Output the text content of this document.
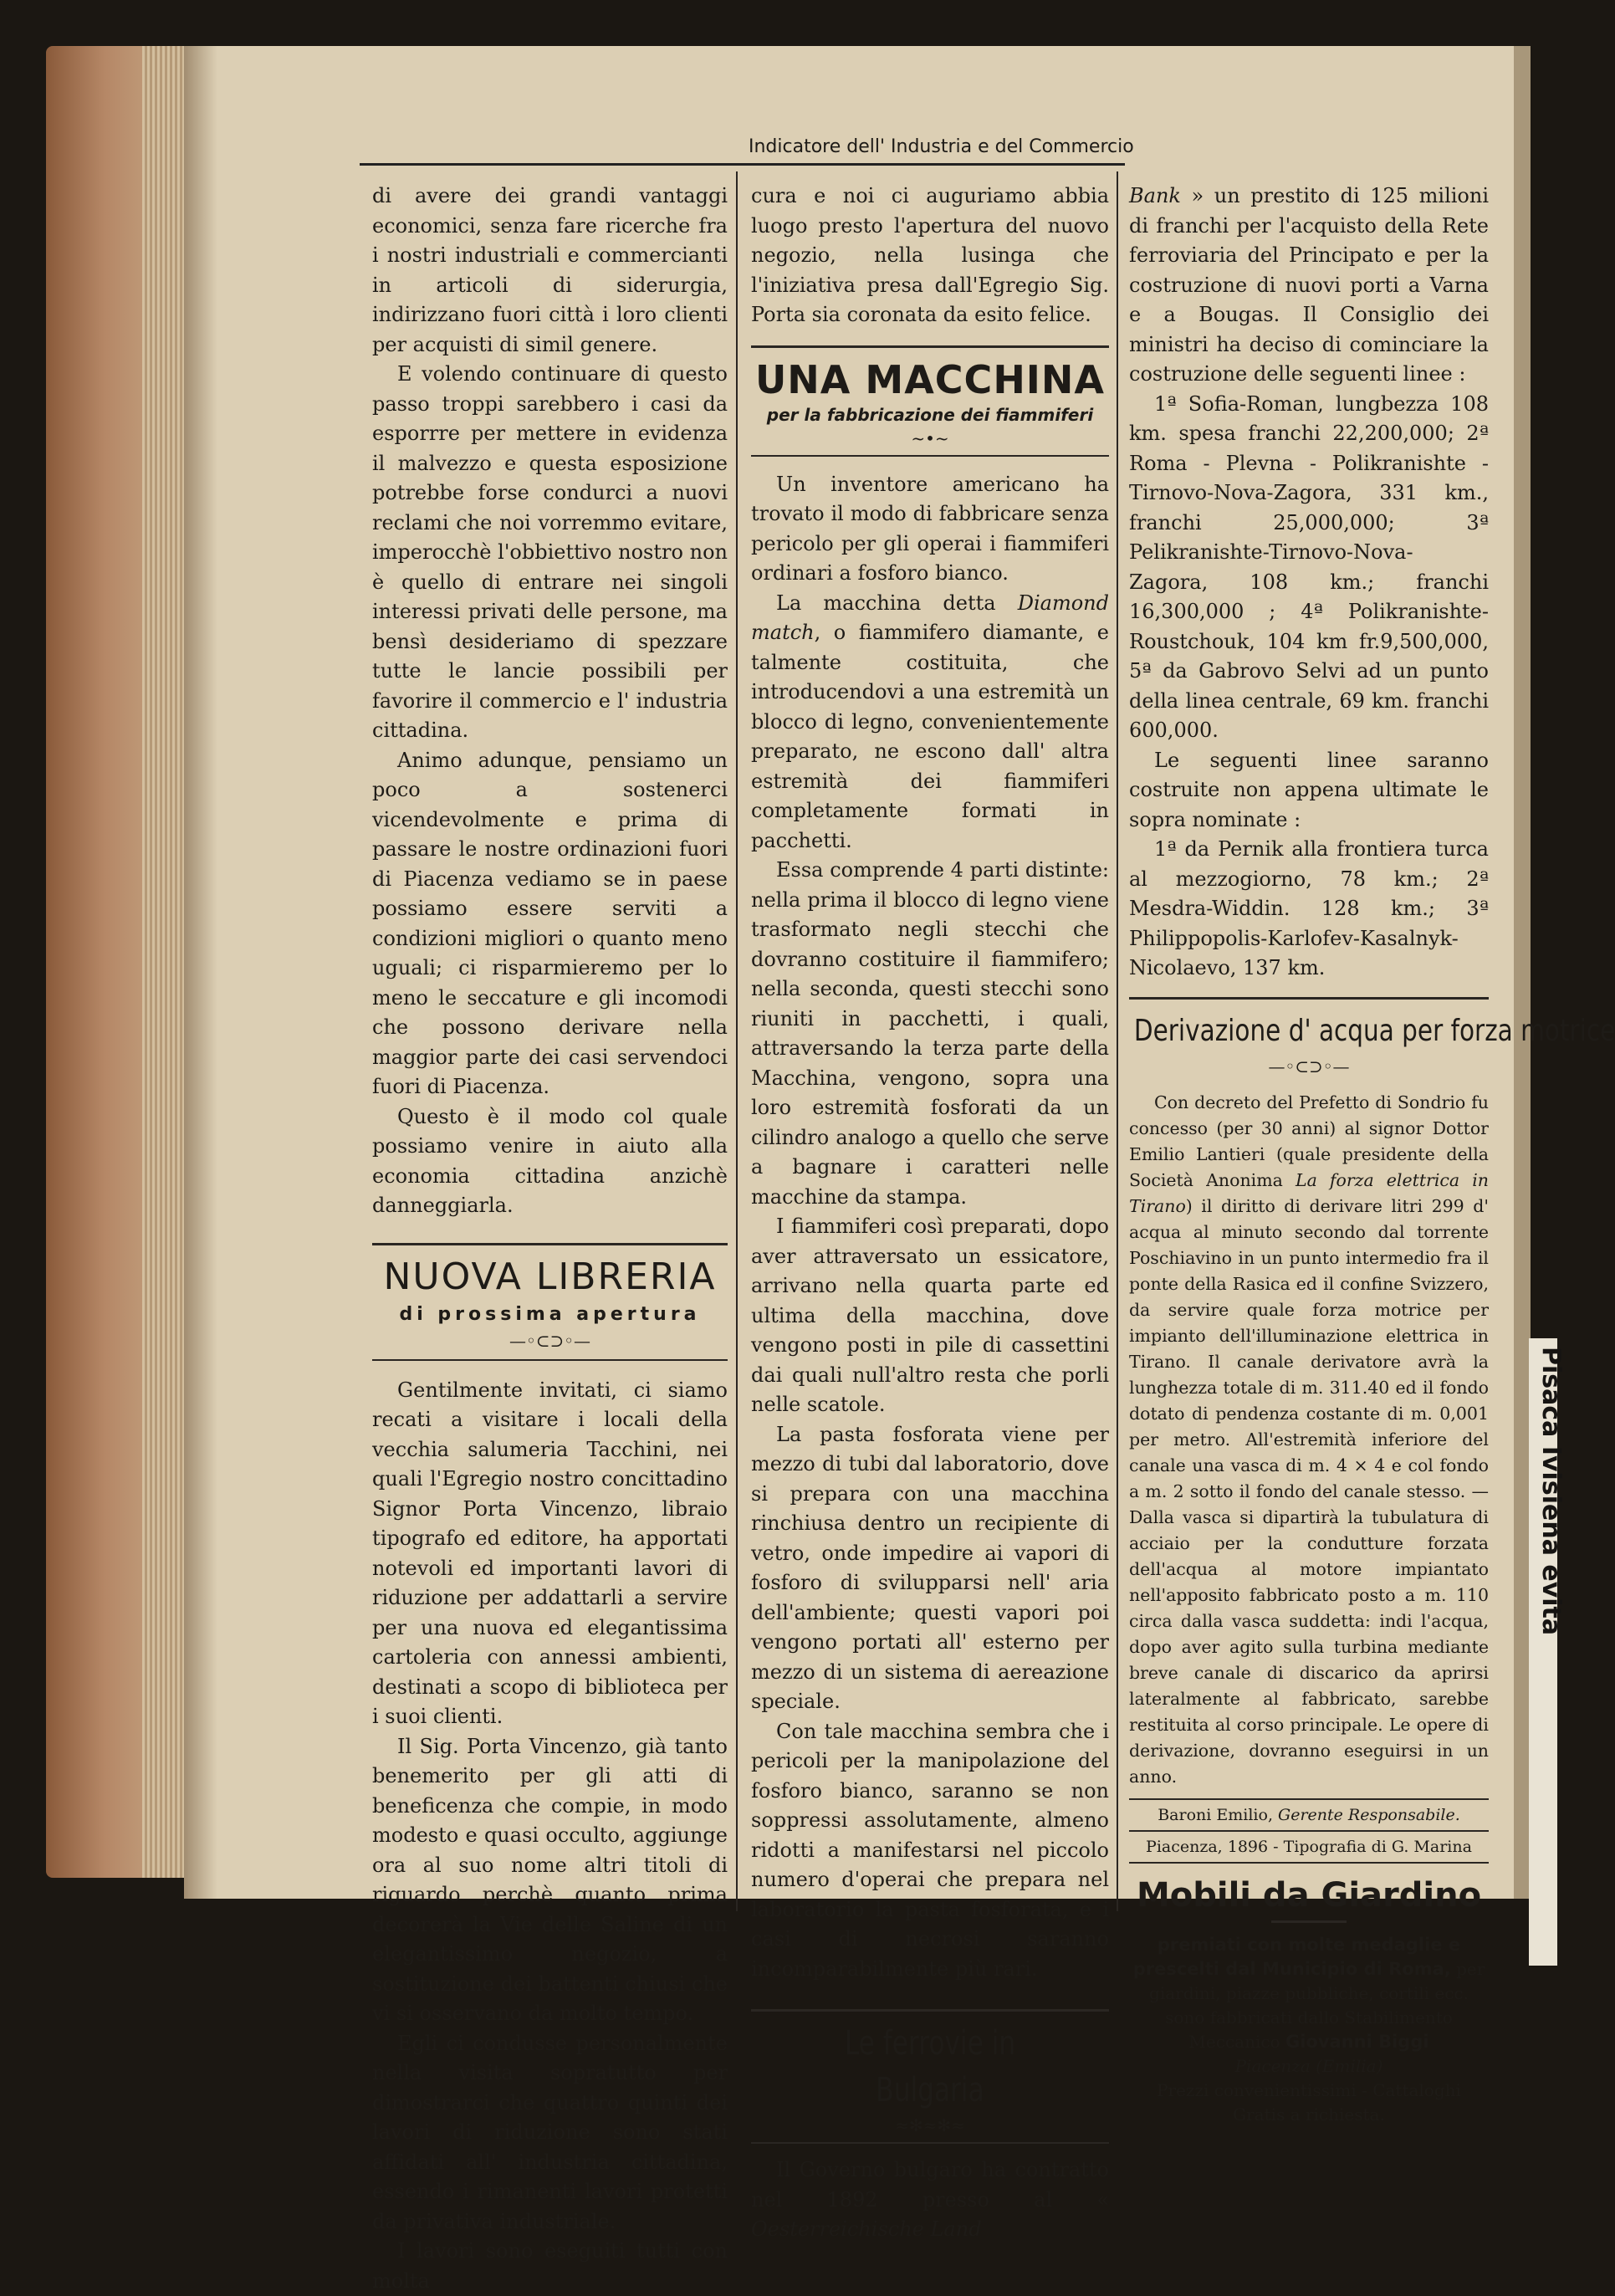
Indicatore dell' Industria e del Commercio

di avere dei grandi vantaggi economici, senza fare ricerche fra i nostri industriali e commercianti in articoli di siderurgia, indirizzano fuori città i loro clienti per acquisti di simil genere.

E volendo continuare di questo passo troppi sarebbero i casi da esporrre per mettere in evidenza il malvezzo e questa esposizione potrebbe forse condurci a nuovi reclami che noi vorremmo evitare, imperocchè l'obbiettivo nostro non è quello di entrare nei singoli interessi privati delle persone, ma bensì desideriamo di spezzare tutte le lancie possibili per favorire il commercio e l' industria cittadina.

Animo adunque, pensiamo un poco a sostenerci vicendevolmente e prima di passare le nostre ordinazioni fuori di Piacenza vediamo se in paese possiamo essere serviti a condizioni migliori o quanto meno uguali; ci risparmieremo per lo meno le seccature e gli incomodi che possono derivare nella maggior parte dei casi servendoci fuori di Piacenza.

Questo è il modo col quale possiamo venire in aiuto alla economia cittadina anzichè danneggiarla.

NUOVA LIBRERIA
di prossima apertura
—◦⊂⊃◦—

Gentilmente invitati, ci siamo recati a visitare i locali della vecchia salumeria Tacchini, nei quali l'Egregio nostro concittadino Signor Porta Vincenzo, libraio tipografo ed editore, ha apportati notevoli ed importanti lavori di riduzione per addattarli a servire per una nuova ed elegantissima cartoleria con annessi ambienti, destinati a scopo di biblioteca per i suoi clienti.

Il Sig. Porta Vincenzo, già tanto benemerito per gli atti di beneficenza che compie, in modo modesto e quasi occulto, aggiunge ora al suo nome altri titoli di riguardo perchè quanto prima decorerà la Vie delle Saline di un elegantissimo negozio, a sostituzione dei battenti chiusi che vi si osservano da molto tempo.

Egli ci condusse personalmente nella visita sopratutto per dimostrarci che quattro quinti dei lavori di riduzione sono stati affidati all' industria cittadina, essendo i rimanenti lavori protetti da privativa industriale.

I lavori sono eseguiti tutti con molta

cura e noi ci auguriamo abbia luogo presto l'apertura del nuovo negozio, nella lusinga che l'iniziativa presa dall'Egregio Sig. Porta sia coronata da esito felice.

UNA MACCHINA
per la fabbricazione dei fiammiferi
~•~

Un inventore americano ha trovato il modo di fabbricare senza pericolo per gli operai i fiammiferi ordinari a fosforo bianco.

La macchina detta Diamond match, o fiammifero diamante, e talmente costituita, che introducendovi a una estremità un blocco di legno, convenientemente preparato, ne escono dall' altra estremità dei fiammiferi completamente formati in pacchetti.

Essa comprende 4 parti distinte: nella prima il blocco di legno viene trasformato negli stecchi che dovranno costituire il fiammifero; nella seconda, questi stecchi sono riuniti in pacchetti, i quali, attraversando la terza parte della Macchina, vengono, sopra una loro estremità fosforati da un cilindro analogo a quello che serve a bagnare i caratteri nelle macchine da stampa.

I fiammiferi così preparati, dopo aver attraversato un essicatore, arrivano nella quarta parte ed ultima della macchina, dove vengono posti in pile di cassettini dai quali null'altro resta che porli nelle scatole.

La pasta fosforata viene per mezzo di tubi dal laboratorio, dove si prepara con una macchina rinchiusa dentro un recipiente di vetro, onde impedire ai vapori di fosforo di svilupparsi nell' aria dell'ambiente; questi vapori poi vengono portati all' esterno per mezzo di un sistema di aereazione speciale.

Con tale macchina sembra che i pericoli per la manipolazione del fosforo bianco, saranno se non soppressi assolutamente, almeno ridotti a manifestarsi nel piccolo numero d'operai che prepara nel laboratorio la pasta fosforata, e i casi di necrosi saranno incomparabilmente più rari.

Le ferrovie in Bulgaria
≈✻≈✻≈

Il Governo bulgaro ha contratto nel 1892 presso al « Oesterreichische Land

Bank » un prestito di 125 milioni di franchi per l'acquisto della Rete ferroviaria del Principato e per la costruzione di nuovi porti a Varna e a Bougas. Il Consiglio dei ministri ha deciso di cominciare la costruzione delle seguenti linee :

1ª Sofia-Roman, lungbezza 108 km. spesa franchi 22,200,000; 2ª Roma - Plevna - Polikranishte - Tirnovo-Nova-Zagora, 331 km., franchi 25,000,000; 3ª Pelikranishte-Tirnovo-Nova-Zagora, 108 km.; franchi 16,300,000 ; 4ª Polikranishte-Roustchouk, 104 km fr.9,500,000, 5ª da Gabrovo Selvi ad un punto della linea centrale, 69 km. franchi 600,000.

Le seguenti linee saranno costruite non appena ultimate le sopra nominate :

1ª da Pernik alla frontiera turca al mezzogiorno, 78 km.; 2ª Mesdra-Widdin. 128 km.; 3ª Philippopolis-Karlofev-Kasalnyk-Nicolaevo, 137 km.

Derivazione d' acqua per forza motrice
—◦⊂⊃◦—

Con decreto del Prefetto di Sondrio fu concesso (per 30 anni) al signor Dottor Emilio Lantieri (quale presidente della Società Anonima La forza elettrica in Tirano) il diritto di derivare litri 299 d' acqua al minuto secondo dal torrente Poschiavino in un punto intermedio fra il ponte della Rasica ed il confine Svizzero, da servire quale forza motrice per impianto dell'illuminazione elettrica in Tirano. Il canale derivatore avrà la lunghezza totale di m. 311.40 ed il fondo dotato di pendenza costante di m. 0,001 per metro. All'estremità inferiore del canale una vasca di m. 4 × 4 e col fondo a m. 2 sotto il fondo del canale stesso. — Dalla vasca si dipartirà la tubulatura di acciaio per la condutture forzata dell'acqua al motore impiantato nell'apposito fabbricato posto a m. 110 circa dalla vasca suddetta: indi l'acqua, dopo aver agito sulla turbina mediante breve canale di discarico da aprirsi lateralmente al fabbricato, sarebbe restituita al corso principale. Le opere di derivazione, dovranno eseguirsi in un anno.

Baroni Emilio, Gerente Responsabile.
Piacenza, 1896 - Tipografia di G. Marina
Mobili da Giardino
premiati con molte medaglie e prescelti dal Municipio di Roma, per giardini, piazze pubbliche, cortili ecc. sono fabbricati dallo Stabilimento Meccanico Giovanni Biggi
Piacenza (Emilia)
Prezzi convenientissimi - Cattaloghi Gratis a richiesta.
Pisaca Ivisiena evita
